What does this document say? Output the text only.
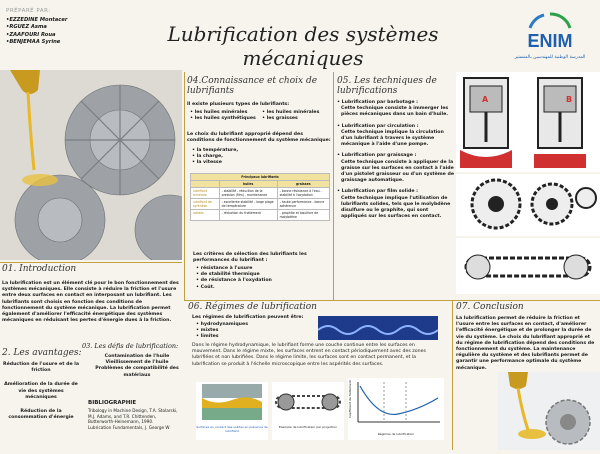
PRÉPARÉ PAR:
• EZZEDINE Montacer
• RGUEZ Asma
• ZAAFOURI Roua
• BENJEMAA Syrine	Lubrification des systèmes mécaniques
ENIM
المدرسة الوطنية للمهندسين بالمنستير
01. Introduction
La lubrification est un élément clé pour le bon fonctionnement des systèmes mécaniques. Elle consiste à réduire la friction et l'usure entre deux surfaces en contact en interposant un lubrifiant. Les lubrifiants sont choisis en fonction des conditions de fonctionnement du système mécanique. La lubrification permet également d'améliorer l'efficacité énergétique des systèmes mécaniques en réduisant les pertes d'énergie dues à la friction.
2. Les avantages:
Réduction de l'usure et de la friction
Amélioration de la durée de vie des systèmes mécaniques
Réduction de la consommation d'énergie
03. Les défis de lubrification:
Contamination de l'huile
Vieillissement de l'huile
Problèmes de compatibilité des matériaux
BIBLIOGRAPHIE
Tribology in Machine Design, T.A. Stolarski, M.J. Adams, and T.R. Chittenden, Butterworth-Heinemann, 1990.
Lubrication Fundamentals, J. George W
04.Connaissance et choix de lubrifiants
Il existe plusieurs types de lubrifiants:
• les huiles minérales
• les huiles synthétiques
• les huiles minérales
• les graisses
Le choix du lubrifiant approprié dépend des conditions de fonctionnement du système mécanique:
• la température,
• la charge,
• la vitesse
Principaux lubrifiants		
	huiles	graisses
lubrifiant minérale	- stabilité - réduction de la pression (film) - maintenance	- bonne résistance à l'eau - stabilité à l'oxydation
lubrifiant de synthèse	- excellente stabilité - large plage de température	- haute performance - bonne adhérence
solides	- réduction du frottement	- graphite et bisulfure de molybdène
Les critères de sélection des lubrifiants les performances du lubrifiant :
• résistance à l'usure
• de stabilité thermique
• de résistance à l'oxydation
• Coût.
05. Les techniques de lubrifications
• Lubrification par barbotage :
Cette technique consiste à immerger les pièces mécaniques dans un bain d'huile.
• Lubrification par circulation :
Cette technique implique la circulation d'un lubrifiant à travers le système mécanique à l'aide d'une pompe.
• Lubrification par graissage :
Cette technique consiste à appliquer de la graisse sur les surfaces en contact à l'aide d'un pistolet graisseur ou d'un système de graissage automatique.
• Lubrification par film solide :
Cette technique implique l'utilisation de lubrifiants solides, tels que le molybdène disulfure ou le graphite, qui sont appliqués sur les surfaces en contact.
A	B
06. Régimes de lubrification
Les régimes de lubrification peuvent être:
• hydrodynamiques
• mixtes
• limites
Dans le régime hydrodynamique, le lubrifiant forme une couche continue entre les surfaces en mouvement. Dans le régime mixte, les surfaces entrent en contact périodiquement avec des zones lubrifiées et non lubrifiées. Dans le régime limite, les surfaces sont en contact permanent, et la lubrification se produit à l'échelle microscopique entre les aspérités des surfaces.
Surfaces en contact des solides en présence de lubrifiant
Exemple de lubrification par projection
Coefficient de frottement
Régimes de lubrification
07. Conclusion
La lubrification permet de réduire la friction et l'usure entre les surfaces en contact, d'améliorer l'efficacité énergétique et de prolonger la durée de vie du système. Le choix du lubrifiant approprié et du régime de lubrification dépend des conditions de fonctionnement du système. La maintenance régulière du système et des lubrifiants permet de garantir une performance optimale du système mécanique.
